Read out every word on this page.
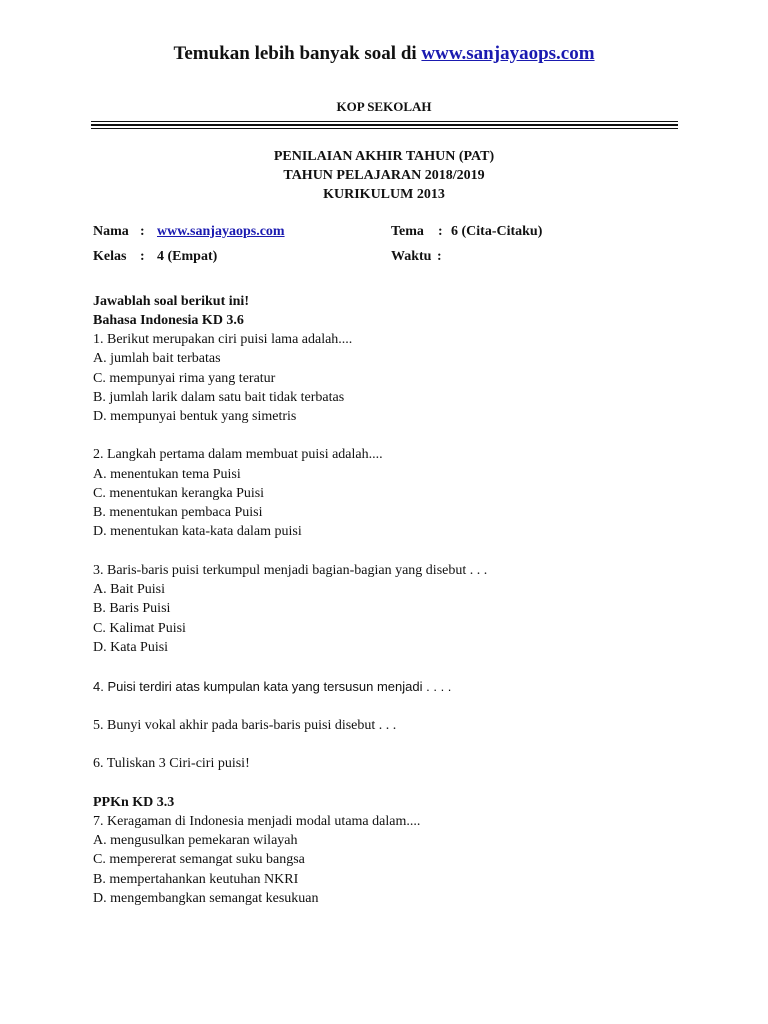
Temukan lebih banyak soal di www.sanjayaops.com
KOP SEKOLAH
PENILAIAN AKHIR TAHUN (PAT)
TAHUN PELAJARAN 2018/2019
KURIKULUM 2013
Nama : www.sanjayaops.com	Tema : 6 (Cita-Citaku)
Kelas : 4 (Empat)	Waktu :
Jawablah soal berikut ini!
Bahasa Indonesia KD 3.6
1. Berikut merupakan ciri puisi lama adalah....
A. jumlah bait terbatas
C. mempunyai rima yang teratur
B. jumlah larik dalam satu bait tidak terbatas
D. mempunyai bentuk yang simetris
2. Langkah pertama dalam membuat puisi adalah....
A. menentukan tema Puisi
C. menentukan kerangka Puisi
B. menentukan pembaca Puisi
D. menentukan kata-kata dalam puisi
3. Baris-baris puisi terkumpul menjadi bagian-bagian yang disebut . . .
A. Bait Puisi
B. Baris Puisi
C. Kalimat Puisi
D. Kata Puisi
4. Puisi terdiri atas kumpulan kata yang tersusun menjadi . . . .
5. Bunyi vokal akhir pada baris-baris puisi disebut . . .
6. Tuliskan 3 Ciri-ciri puisi!
PPKn KD 3.3
7. Keragaman di Indonesia menjadi modal utama dalam....
A. mengusulkan pemekaran wilayah
C. mempererat semangat suku bangsa
B. mempertahankan keutuhan NKRI
D. mengembangkan semangat kesukuan
